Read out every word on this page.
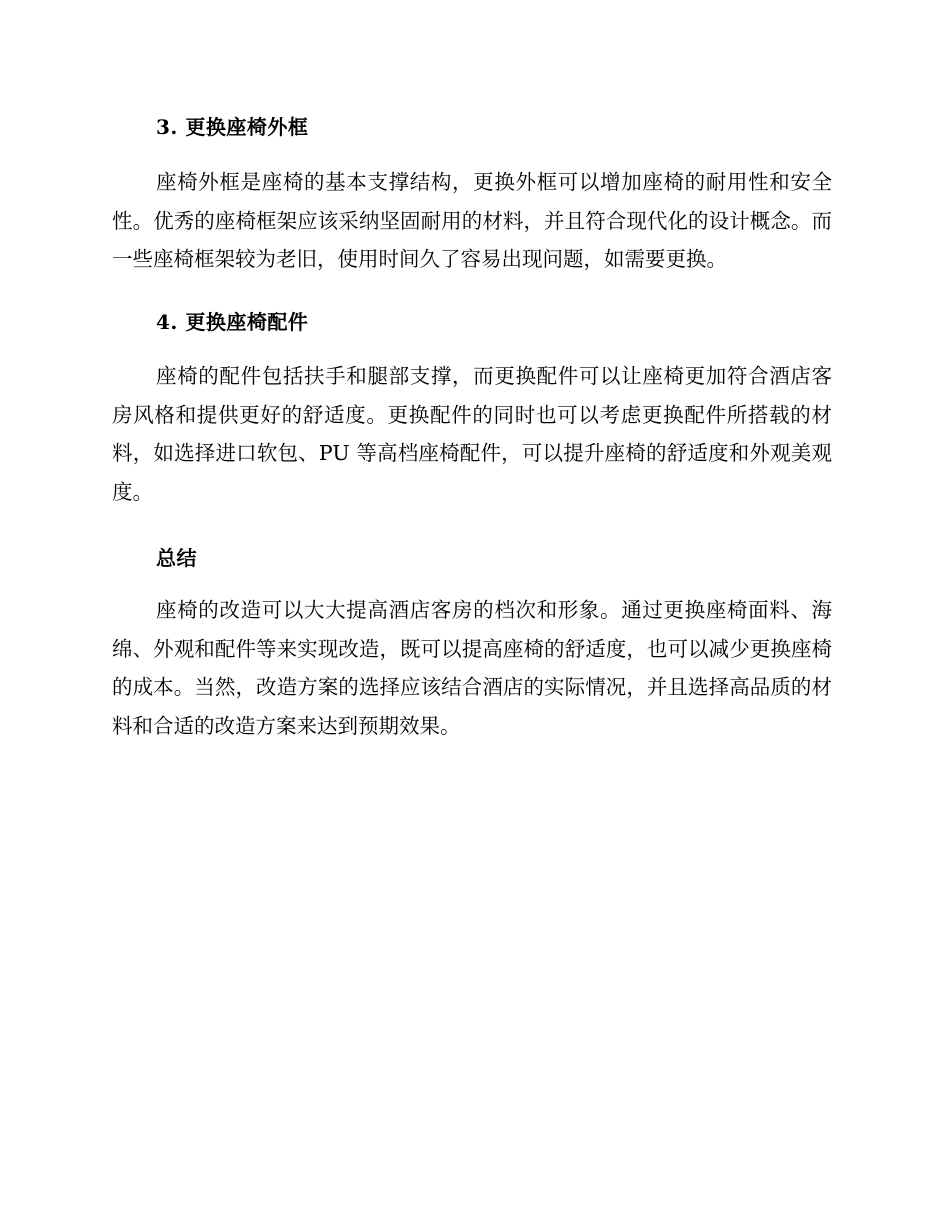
3. 更换座椅外框

座椅外框是座椅的基本支撑结构，更换外框可以增加座椅的耐用性和安全性。优秀的座椅框架应该采纳坚固耐用的材料，并且符合现代化的设计概念。而一些座椅框架较为老旧，使用时间久了容易出现问题，如需要更换。

4. 更换座椅配件

座椅的配件包括扶手和腿部支撑，而更换配件可以让座椅更加符合酒店客房风格和提供更好的舒适度。更换配件的同时也可以考虑更换配件所搭载的材料，如选择进口软包、PU 等高档座椅配件，可以提升座椅的舒适度和外观美观度。

总结

座椅的改造可以大大提高酒店客房的档次和形象。通过更换座椅面料、海绵、外观和配件等来实现改造，既可以提高座椅的舒适度，也可以减少更换座椅的成本。当然，改造方案的选择应该结合酒店的实际情况，并且选择高品质的材料和合适的改造方案来达到预期效果。
